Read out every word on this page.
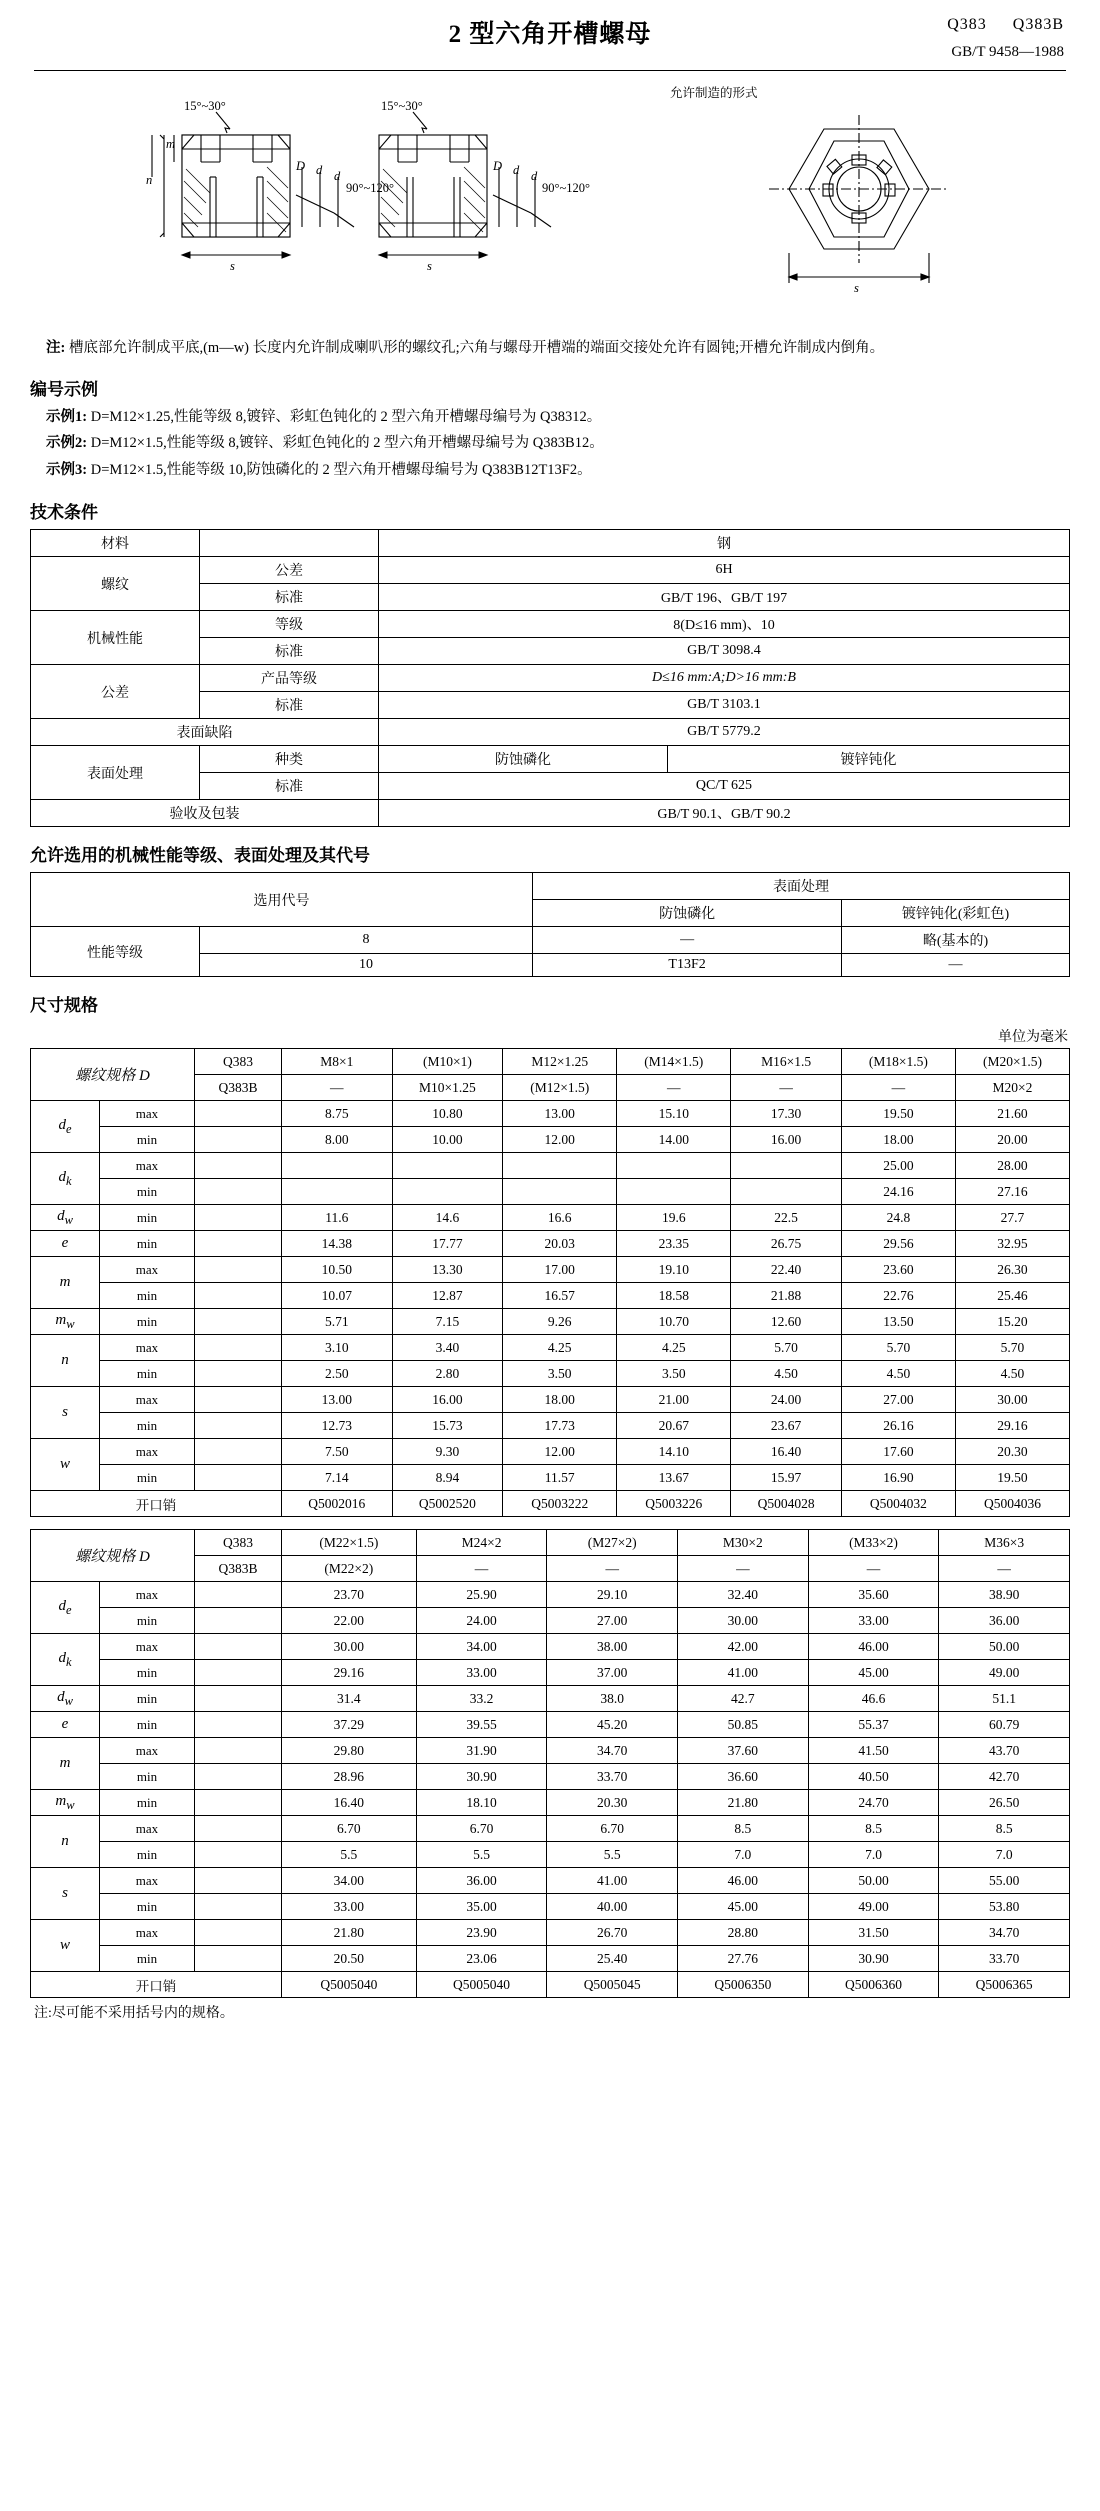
2 型六角开槽螺母	Q383 Q383B
GB/T 9458—1988
允许制造的形式
15°~30°	15°~30°
90°~120°	90°~120°
n
m
D d d
D d d
s	s
s
注: 槽底部允许制成平底,(m—w) 长度内允许制成喇叭形的螺纹孔;六角与螺母开槽端的端面交接处允许有圆钝;开槽允许制成内倒角。
编号示例
示例1: D=M12×1.25,性能等级 8,镀锌、彩虹色钝化的 2 型六角开槽螺母编号为 Q38312。
示例2: D=M12×1.5,性能等级 8,镀锌、彩虹色钝化的 2 型六角开槽螺母编号为 Q383B12。
示例3: D=M12×1.5,性能等级 10,防蚀磷化的 2 型六角开槽螺母编号为 Q383B12T13F2。
技术条件
材料		钢	
螺纹	公差	6H	
	标准	GB/T 196、GB/T 197	
机械性能	等级	8(D≤16 mm)、10	
	标准	GB/T 3098.4	
公差	产品等级	D≤16 mm:A;D>16 mm:B	
	标准	GB/T 3103.1	
表面缺陷		GB/T 5779.2	
表面处理	种类	防蚀磷化	镀锌钝化
	标准	QC/T 625	
验收及包装		GB/T 90.1、GB/T 90.2	
允许选用的机械性能等级、表面处理及其代号
选用代号		表面处理	
		防蚀磷化	镀锌钝化(彩虹色)
性能等级	8	—	略(基本的)
	10	T13F2	—
尺寸规格
单位为毫米
螺纹规格 D		Q383	M8×1	(M10×1)	M12×1.25	(M14×1.5)	M16×1.5	(M18×1.5)	(M20×1.5)
		Q383B	—	M10×1.25	(M12×1.5)	—	—	—	M20×2
$d_e$	max		8.75	10.80	13.00	15.10	17.30	19.50	21.60
	min		8.00	10.00	12.00	14.00	16.00	18.00	20.00
$d_k$	max							25.00	28.00
	min							24.16	27.16
$d_w$	min		11.6	14.6	16.6	19.6	22.5	24.8	27.7
e	min		14.38	17.77	20.03	23.35	26.75	29.56	32.95
m	max		10.50	13.30	17.00	19.10	22.40	23.60	26.30
	min		10.07	12.87	16.57	18.58	21.88	22.76	25.46
$m_w$	min		5.71	7.15	9.26	10.70	12.60	13.50	15.20
n	max		3.10	3.40	4.25	4.25	5.70	5.70	5.70
	min		2.50	2.80	3.50	3.50	4.50	4.50	4.50
s	max		13.00	16.00	18.00	21.00	24.00	27.00	30.00
	min		12.73	15.73	17.73	20.67	23.67	26.16	29.16
w	max		7.50	9.30	12.00	14.10	16.40	17.60	20.30
	min		7.14	8.94	11.57	13.67	15.97	16.90	19.50
开口销			Q5002016	Q5002520	Q5003222	Q5003226	Q5004028	Q5004032	Q5004036
螺纹规格 D		Q383	(M22×1.5)	M24×2	(M27×2)	M30×2	(M33×2)	M36×3
		Q383B	(M22×2)	—	—	—	—	—
$d_e$	max		23.70	25.90	29.10	32.40	35.60	38.90
	min		22.00	24.00	27.00	30.00	33.00	36.00
$d_k$	max		30.00	34.00	38.00	42.00	46.00	50.00
	min		29.16	33.00	37.00	41.00	45.00	49.00
$d_w$	min		31.4	33.2	38.0	42.7	46.6	51.1
e	min		37.29	39.55	45.20	50.85	55.37	60.79
m	max		29.80	31.90	34.70	37.60	41.50	43.70
	min		28.96	30.90	33.70	36.60	40.50	42.70
$m_w$	min		16.40	18.10	20.30	21.80	24.70	26.50
n	max		6.70	6.70	6.70	8.5	8.5	8.5
	min		5.5	5.5	5.5	7.0	7.0	7.0
s	max		34.00	36.00	41.00	46.00	50.00	55.00
	min		33.00	35.00	40.00	45.00	49.00	53.80
w	max		21.80	23.90	26.70	28.80	31.50	34.70
	min		20.50	23.06	25.40	27.76	30.90	33.70
开口销			Q5005040	Q5005040	Q5005045	Q5006350	Q5006360	Q5006365
注:尽可能不采用括号内的规格。
